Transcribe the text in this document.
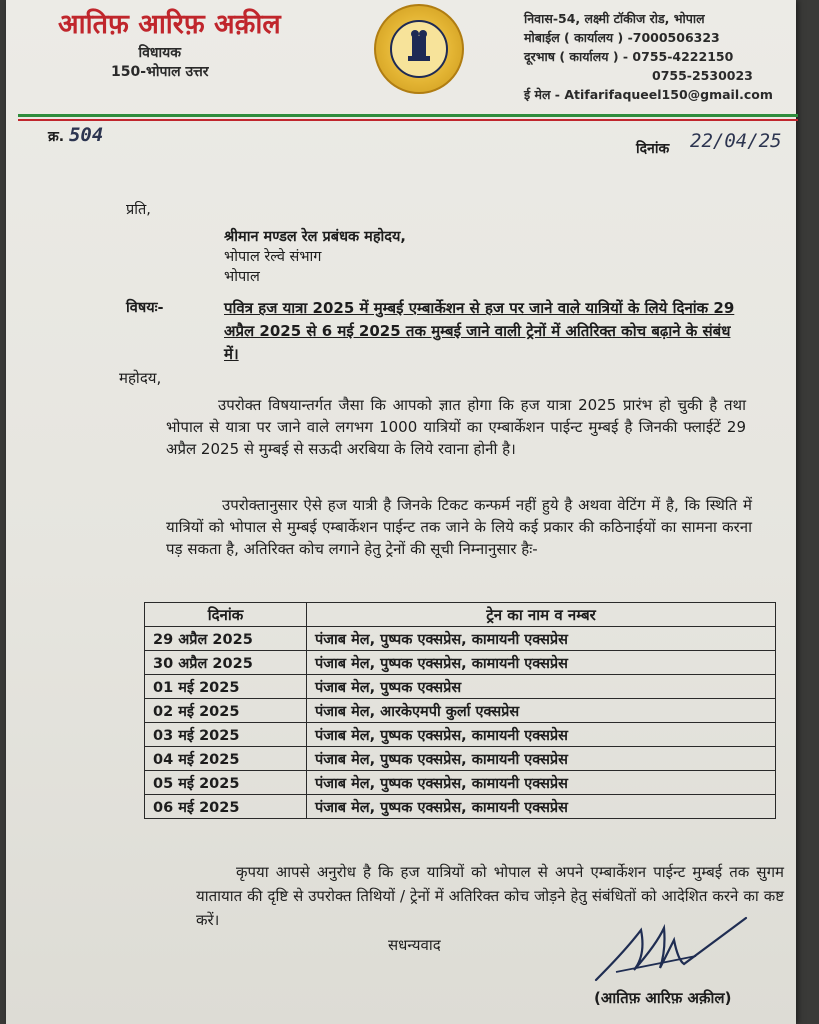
आतिफ़ आरिफ़ अक़ील
विधायक
150-भोपाल उत्तर
निवास-54, लक्ष्मी टॉकीज रोड, भोपाल
मोबाईल ( कार्यालय ) -7000506323
दूरभाष ( कार्यालय ) - 0755-4222150
0755-2530023
ई मेल - Atifarifaqueel150@gmail.com
क्र. 504
दिनांक 22/04/25
प्रति,
श्रीमान मण्डल रेल प्रबंधक महोदय,
भोपाल रेल्वे संभाग
भोपाल
विषयः-	पवित्र हज यात्रा 2025 में मुम्बई एम्बार्केशन से हज पर जाने वाले यात्रियों के लिये दिनांक 29 अप्रैल 2025 से 6 मई 2025 तक मुम्बई जाने वाली ट्रेनों में अतिरिक्त कोच बढ़ाने के संबंध में।
महोदय,
उपरोक्त विषयान्तर्गत जैसा कि आपको ज्ञात होगा कि हज यात्रा 2025 प्रारंभ हो चुकी है तथा भोपाल से यात्रा पर जाने वाले लगभग 1000 यात्रियों का एम्बार्केशन पाईन्ट मुम्बई है जिनकी फ्लाईटें 29 अप्रैल 2025 से मुम्बई से सऊदी अरबिया के लिये रवाना होनी है।
उपरोक्तानुसार ऐसे हज यात्री है जिनके टिकट कन्फर्म नहीं हुये है अथवा वेटिंग में है, कि स्थिति में यात्रियों को भोपाल से मुम्बई एम्बार्केशन पाईन्ट तक जाने के लिये कई प्रकार की कठिनाईयों का सामना करना पड़ सकता है, अतिरिक्त कोच लगाने हेतु ट्रेनों की सूची निम्नानुसार हैः-
दिनांक	ट्रेन का नाम व नम्बर
29 अप्रैल 2025	पंजाब मेल, पुष्पक एक्सप्रेस, कामायनी एक्सप्रेस
30 अप्रैल 2025	पंजाब मेल, पुष्पक एक्सप्रेस, कामायनी एक्सप्रेस
01 मई 2025	पंजाब मेल, पुष्पक एक्सप्रेस
02 मई 2025	पंजाब मेल, आरकेएमपी कुर्ला एक्सप्रेस
03 मई 2025	पंजाब मेल, पुष्पक एक्सप्रेस, कामायनी एक्सप्रेस
04 मई 2025	पंजाब मेल, पुष्पक एक्सप्रेस, कामायनी एक्सप्रेस
05 मई 2025	पंजाब मेल, पुष्पक एक्सप्रेस, कामायनी एक्सप्रेस
06 मई 2025	पंजाब मेल, पुष्पक एक्सप्रेस, कामायनी एक्सप्रेस
कृपया आपसे अनुरोध है कि हज यात्रियों को भोपाल से अपने एम्बार्केशन पाईन्ट मुम्बई तक सुगम यातायात की दृष्टि से उपरोक्त तिथियों / ट्रेनों में अतिरिक्त कोच जोड़ने हेतु संबंधितों को आदेशित करने का कष्ट करें।
सधन्यवाद
(आतिफ़ आरिफ़ अक़ील)
